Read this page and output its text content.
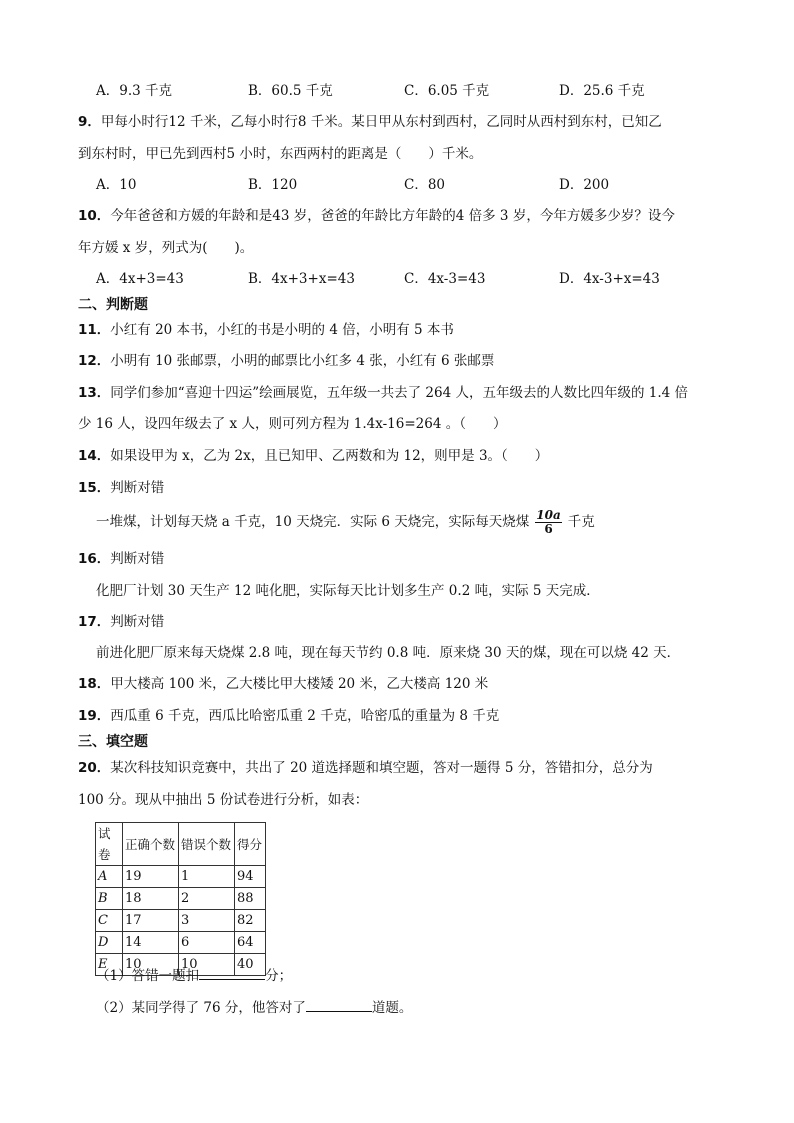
A．9.3 千克	B．60.5 千克	C．6.05 千克	D．25.6 千克
9．甲每小时行12 千米，乙每小时行8 千米。某日甲从东村到西村，乙同时从西村到东村，已知乙
到东村时，甲已先到西村5 小时，东西两村的距离是（　　）千米。
A．10	B．120	C．80	D．200
10．今年爸爸和方媛的年龄和是43 岁，爸爸的年龄比方年龄的4 倍多 3 岁，今年方媛多少岁？设今
年方媛 x 岁，列式为(　　)。
A．4x+3=43	B．4x+3+x=43	C．4x-3=43	D．4x-3+x=43
二、判断题
11．小红有 20 本书，小红的书是小明的 4 倍，小明有 5 本书
12．小明有 10 张邮票，小明的邮票比小红多 4 张，小红有 6 张邮票
13．同学们参加“喜迎十四运”绘画展览，五年级一共去了 264 人，五年级去的人数比四年级的 1.4 倍
少 16 人，设四年级去了 x 人，则可列方程为 1.4x-16=264 。（　　）
14．如果设甲为 x，乙为 2x，且已知甲、乙两数和为 12，则甲是 3。（　　）
15．判断对错
一堆煤，计划每天烧 a 千克，10 天烧完．实际 6 天烧完，实际每天烧煤 $\frac{10a}{6}$ 千克
16．判断对错
化肥厂计划 30 天生产 12 吨化肥，实际每天比计划多生产 0.2 吨，实际 5 天完成．
17．判断对错
前进化肥厂原来每天烧煤 2.8 吨，现在每天节约 0.8 吨．原来烧 30 天的煤，现在可以烧 42 天．
18．甲大楼高 100 米，乙大楼比甲大楼矮 20 米，乙大楼高 120 米
19．西瓜重 6 千克，西瓜比哈密瓜重 2 千克，哈密瓜的重量为 8 千克
三、填空题
20．某次科技知识竞赛中，共出了 20 道选择题和填空题，答对一题得 5 分，答错扣分，总分为
100 分。现从中抽出 5 份试卷进行分析，如表：
试卷	正确个数	错误个数	得分
A	19	1	94
B	18	2	88
C	17	3	82
D	14	6	64
E	10	10	40
（1）答错一题扣	分；
（2）某同学得了 76 分，他答对了	道题。
